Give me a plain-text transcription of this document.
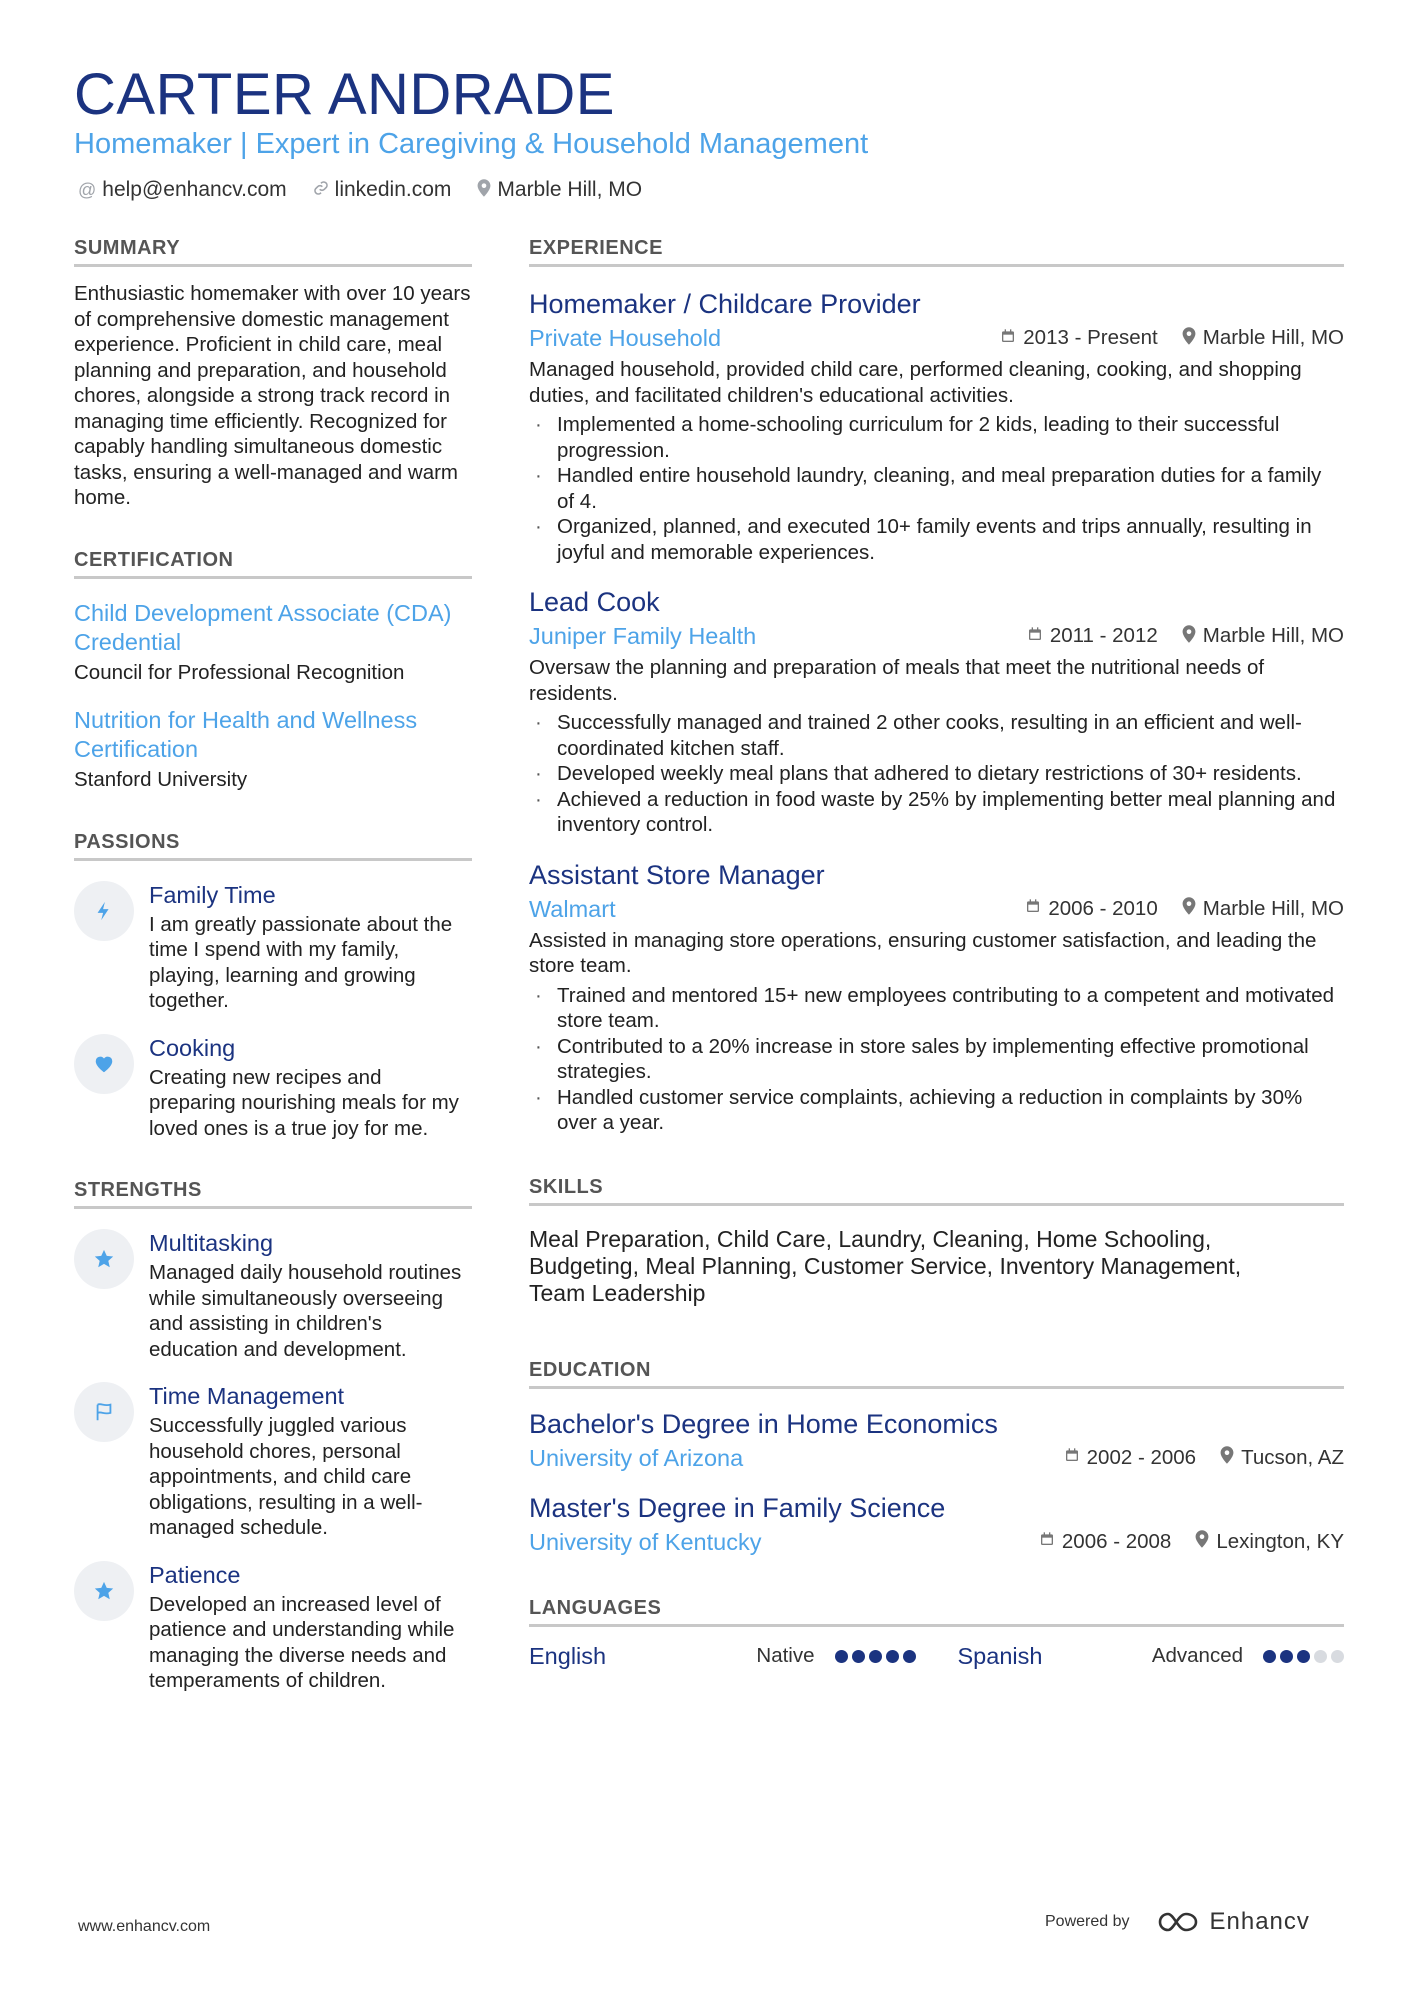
CARTER ANDRADE
Homemaker | Expert in Caregiving & Household Management
@ help@enhancv.com linkedin.com Marble Hill, MO
SUMMARY
Enthusiastic homemaker with over 10 years of comprehensive domestic management experience. Proficient in child care, meal planning and preparation, and household chores, alongside a strong track record in managing time efficiently. Recognized for capably handling simultaneous domestic tasks, ensuring a well-managed and warm home.
CERTIFICATION
Child Development Associate (CDA) Credential
Council for Professional Recognition
Nutrition for Health and Wellness Certification
Stanford University
PASSIONS
Family Time
I am greatly passionate about the time I spend with my family, playing, learning and growing together.
Cooking
Creating new recipes and preparing nourishing meals for my loved ones is a true joy for me.
STRENGTHS
Multitasking
Managed daily household routines while simultaneously overseeing and assisting in children's education and development.
Time Management
Successfully juggled various household chores, personal appointments, and child care obligations, resulting in a well-managed schedule.
Patience
Developed an increased level of patience and understanding while managing the diverse needs and temperaments of children.
EXPERIENCE
Homemaker / Childcare Provider
Private Household	2013 - Present Marble Hill, MO
Managed household, provided child care, performed cleaning, cooking, and shopping duties, and facilitated children's educational activities.
· Implemented a home-schooling curriculum for 2 kids, leading to their successful progression.
· Handled entire household laundry, cleaning, and meal preparation duties for a family of 4.
· Organized, planned, and executed 10+ family events and trips annually, resulting in joyful and memorable experiences.
Lead Cook
Juniper Family Health	2011 - 2012 Marble Hill, MO
Oversaw the planning and preparation of meals that meet the nutritional needs of residents.
· Successfully managed and trained 2 other cooks, resulting in an efficient and well-coordinated kitchen staff.
· Developed weekly meal plans that adhered to dietary restrictions of 30+ residents.
· Achieved a reduction in food waste by 25% by implementing better meal planning and inventory control.
Assistant Store Manager
Walmart	2006 - 2010 Marble Hill, MO
Assisted in managing store operations, ensuring customer satisfaction, and leading the store team.
· Trained and mentored 15+ new employees contributing to a competent and motivated store team.
· Contributed to a 20% increase in store sales by implementing effective promotional strategies.
· Handled customer service complaints, achieving a reduction in complaints by 30% over a year.
SKILLS
Meal Preparation, Child Care, Laundry, Cleaning, Home Schooling, Budgeting, Meal Planning, Customer Service, Inventory Management, Team Leadership
EDUCATION
Bachelor's Degree in Home Economics
University of Arizona	2002 - 2006 Tucson, AZ
Master's Degree in Family Science
University of Kentucky	2006 - 2008 Lexington, KY
LANGUAGES
English	Native	Spanish	Advanced
www.enhancv.com	Powered by	Enhancv
